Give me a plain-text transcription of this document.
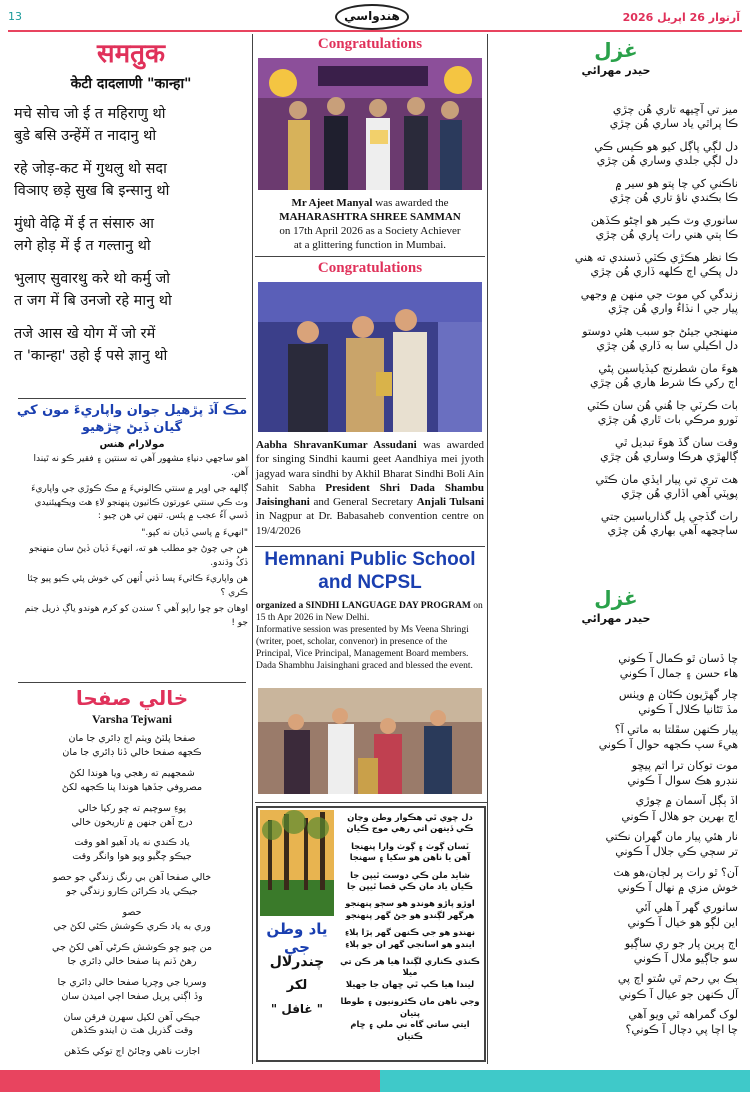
13	هندواسي	آرتوار 26 اپريل 2026
समतुक
केटी दादलाणी "कान्हा"
मचे सोच जो ई त महिराणु थो
बुडे बसि उन्हेंमें त नादानु थो
रहे जोड़-कट में गुथलु थो सदा
विञाए छड़े सुख बि इन्सानु थो
मुंधो वेढ़ि में ई त संसारु आ
लगे होड़ में ई त गल्तानु थो
भुलाए सुवारथु करे थो कर्मु जो
त जग में बि उनजो रहे मानु थो
तजे आस खे योग में जो रमें
त 'कान्हा' उहो ई पसे ज्ञानु थो
مڪ آڏ پڙهيل جوان واپاريءَ مون کي
گيان ڏيڻ چڙهيو
مولارام هنس
اهو ساڃهي دنياءِ مشهور آهي ته سنتين ۽ فقير ڪو نه ٿيندا آهن.
ڳالهه جي اوپر ۾ سنتي ڪالونيءَ ۾ مڪ ڪوڙي جي واپاريءَ وٽ ڪي سنتي عورتون ڪاٺيون پنهنجو لاءِ هٽ ويڪهيئنيدي ڏسي آءُ عجب ۾ پئس. تنهن تي هن چيو :
"انهيءَ ۾ پاسي ڏيان نه کپو."
هن جي چوڻ جو مطلب هو ته، انهيءَ ڏيان ڏيڻ سان منهنجو ڏکُ وڌندو.
هن واپاريءَ ڪاٺيءَ پسا ڏني اُنهن کي خوش پئي ڪيو پيو چئا ڪري ؟
اوهان جو چوا راپو آهي ؟ سندن کو کرم هوندو ياڳ ذريل جنم جو !
خالي صفحا
Varsha Tejwani
صفحا پلٽڻ ويٺم اڄ ڊائري جا مان
ڪجهه صفحا خالي ڏٺا ڊائري جا مان
شمجهيم ته رهجي ويا هوندا لکڻ
مصروفي جڏهيا هوندا پنا ڪجهه لکڻ
پوءِ سوچيم ته چو رکيا خالي
درج آهن جنهن ۾ تاريخون خالي
ياد ڪندي نه ياد آهيو اهو وقت
جيڪو چڱيو ويو هوا وانگر وقت
خالي صفحا آهن بي رنگ زندگي جو حصو
جيڪي ياد ڪرائن ڪارو زندگي جو
حصو
وري به ياد ڪري ڪوشش ڪئي لکڻ جي
من چيو چو ڪوشش ڪرڻي آهي لکڻ جي
رهڻ ڏنم پنا صفحا خالي ڊائري جا
وسريا جي وچريا صفحا خالي ڊائري جا
وڏ اڳتي پريل صفحا اڄي اميدن سان
جيڪي آهن لکيل سهرن فرقن سان
وقت گذريل هٽ ن ايندو ڪڏهن
اجازت ناهي وڃائڻ اڄ توکي ڪڏهن
Congratulations
Mr Ajeet Manyal was awarded the
MAHARASHTRA SHREE SAMMAN
on 17th April 2026 as a Society Achiever
at a glittering function in Mumbai.
Congratulations
Aabha ShravanKumar Assudani was awarded for singing Sindhi kaumi geet Aandhiya mei jyoth jagyad wara sindhi by Akhil Bharat Sindhi Boli Ain Sahit Sabha President Shri Dada Shambu Jaisinghani and General Secretary Anjali Tulsani in Nagpur at Dr. Babasaheb convention centre on 19/4/2026
Hemnani Public School and NCPSL
organized a SINDHI LANGUAGE DAY PROGRAM on 15 th Apr 2026 in New Delhi.
Informative session was presented by Ms Veena Shringi (writer, poet, scholar, convenor) in presence of the Principal, Vice Principal, Management Board members. Dada Shambhu Jaisinghani graced and blessed the event.
ياد وطن جي
چندرلال
لکر
" غافل "
دل چوي ٿي هڪوار وطن وڃان
ڪي ڏينهن اتي رهي موج ڪيان
ٽسان ڳوٺ ۽ ڳوٺ وارا پنهنجا
آهن يا ناهن هو سکيا ۽ سهنجا
شايد ملن ڪي دوست ٿيپن جا
ڪيان ياد مان ڪي قصا ٿيپن جا
اوڙو پاڙو هوندو هو سڄو پنهنجو
هرگهر لڳندو هو جڻ گهر پنهنجو
نهندو هو جي ڪنهن گهر ٻڙا ٻلاءِ
ايندو هو اسانجي گهر ان جو ٻلاءِ
ڪنڌي ڪناري لڳندا هيا هر ڪن تي ميلا
ليندا هيا ڪپ ٿي ڇهان جا جهيلا
وجي ناهن مان ڪئرونيون ۽ طوطا پتيان
ايتي ساتي گاه ني ملي ۽ ڇام ڪتيان
غزل
حيدر مهرائي
ميز تي آڇيهه تاري هُن چڙي
ڪا پراٿي ياد ساري هُن چڙي
دل لڳي پاڳل کيو هو ڪيس ڪي
دل لڳي جلدي وساري هُن چڙي
ناڪني کي چا پتو هو سير ۾
ڪا بڪندي ناؤ تاري هُن چڙي
سانوري وٽ ڪير هو اچڻو ڪڏهن
ڪا ٻتي هني رات ڀاري هُن چڙي
ڪا نظر هڪڙي ڪٽي ڏسندي ته هني
دل پڪي اڄ ڪلهه ڏاري هُن چڙي
زندگي کي موت جي منهن ۾ وجهي
پيار جي ا نڏاءُ واري هُن چڙي
منهنجي جيئڻ جو سبب هئي دوستو
دل اڪيلي سا به ڏاري هُن چڙي
هوءَ مان شطرنج کيڏياسين پڻي
اڄ رکي ڪا شرط هاري هُن چڙي
بات ڪرٽي جا هُني هُن سان ڪٽي
ٽورو مرڪي بات ٿاري هُن چڙي
وقت سان گڏ هوءَ تبديل ٿي
ڳالهڙي هرڪا وساري هُن چڙي
هٽ تري تي پيار ايڏي مان ڪٿي
پوپٽي آهي اڏاري هُن چڙي
رات گڏجي پل گذارياسين جتي
ساڄڃهه آهي بهاري هُن چڙي
غزل
حيدر مهرائي
چا ڏسان ٿو ڪمال آ ڪوني
هاء حسن ۽ جمال آ ڪوني
چار گهڙيون ڪڻان ۾ ويٺس
مڏ ٿڻانيا ڪلال آ ڪوني
پيار ڪنهن سڦلتا به ماتي آ؟
هيءَ سپ ڪجهه حوال آ ڪوني
موت توکان ترا اتم پيڇو
ننڊرو هڪ سوال آ ڪوني
اڏ ٻڳل آسمان ۾ چوڙي
اڄ بهرين جو هلال آ ڪوني
نار هئي پيار مان گهران نڪتي
تر سڄي ڪي جلال آ ڪوني
آن؟ ٿو رات پر لڄان،هو هٽ
خوش مزي ۾ نهال آ ڪوني
سانوري گهر آ هلي آئي
اين لڳو هو خيال آ ڪوني
اڄ پرين پار جو ري ساڳيو
سو جاڳيو ملال آ ڪوني
ٻڪ بي رحم ٿي سُتو اڄ پي
آل ڪنهن جو عيال آ ڪوني
لوک گمراهه ٿي ويو آهي
چا اچا پي دچال آ ڪوني؟
